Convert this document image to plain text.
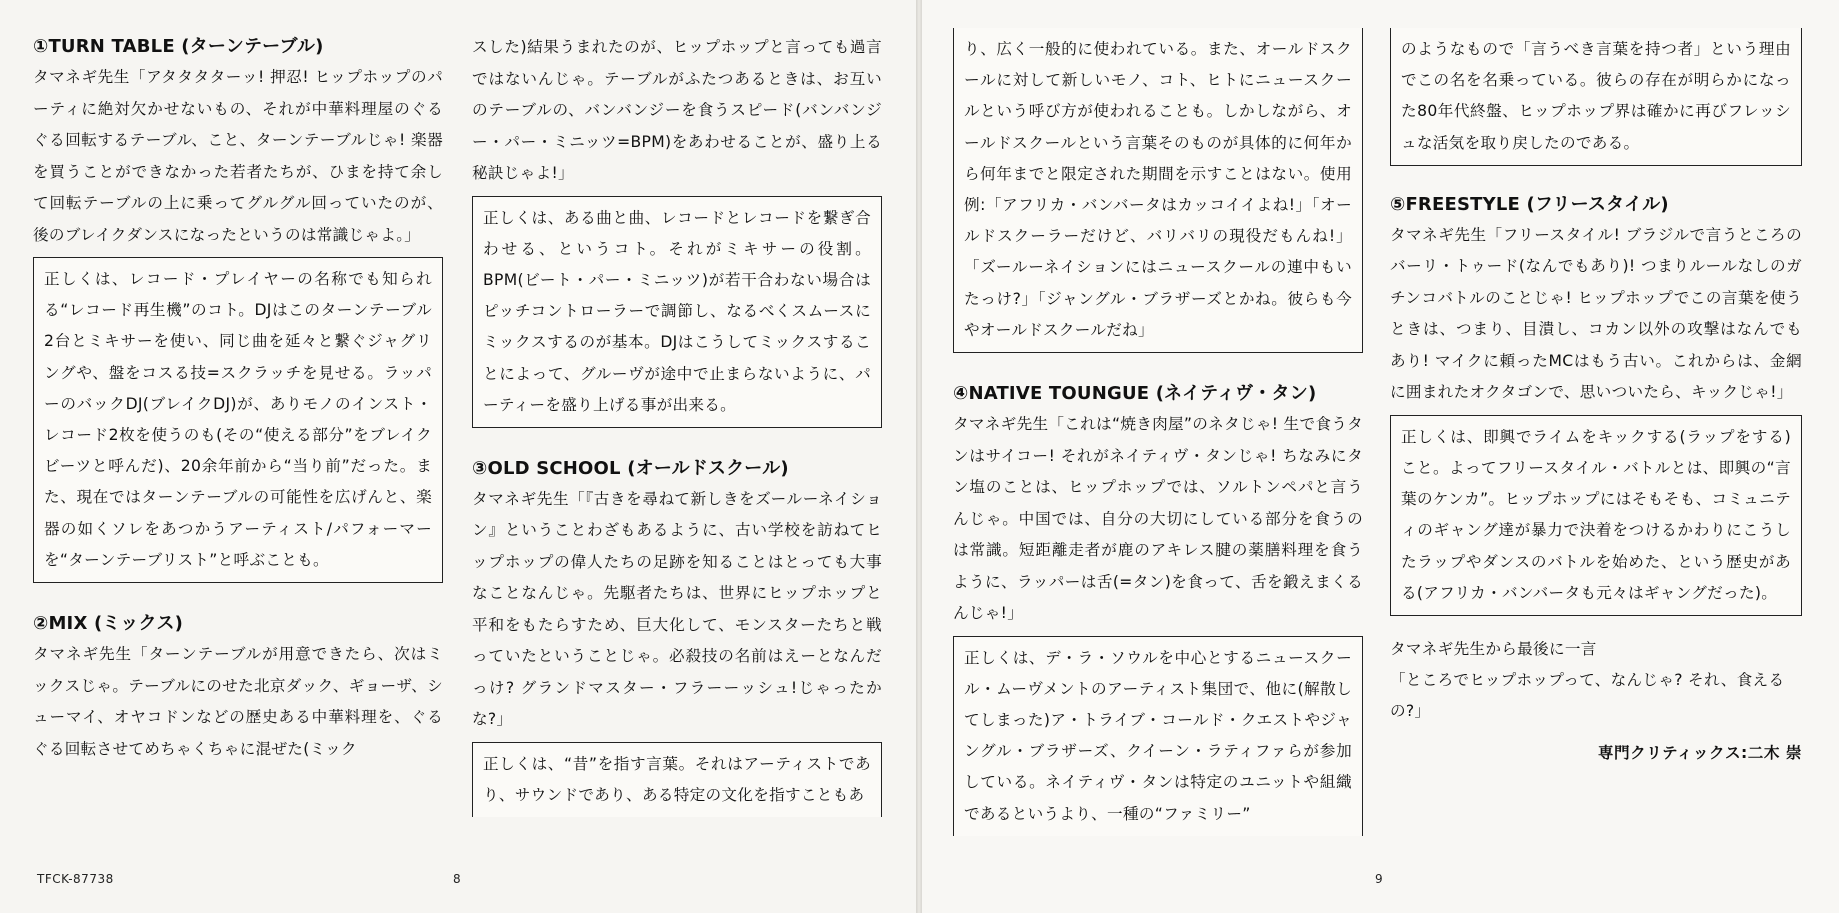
①TURN TABLE (ターンテーブル)

タマネギ先生「アタタタターッ! 押忍! ヒップホップのパーティに絶対欠かせないもの、それが中華料理屋のぐるぐる回転するテーブル、こと、ターンテーブルじゃ! 楽器を買うことができなかった若者たちが、ひまを持て余して回転テーブルの上に乗ってグルグル回っていたのが、後のブレイクダンスになったというのは常識じゃよ。」

正しくは、レコード・プレイヤーの名称でも知られる“レコード再生機”のコト。DJはこのターンテーブル2台とミキサーを使い、同じ曲を延々と繋ぐジャグリングや、盤をコスる技=スクラッチを見せる。ラッパーのバックDJ(ブレイクDJ)が、ありモノのインスト・レコード2枚を使うのも(その“使える部分”をブレイクビーツと呼んだ)、20余年前から“当り前”だった。また、現在ではターンテーブルの可能性を広げんと、楽器の如くソレをあつかうアーティスト/パフォーマーを“ターンテーブリスト”と呼ぶことも。

②MIX (ミックス)

タマネギ先生「ターンテーブルが用意できたら、次はミックスじゃ。テーブルにのせた北京ダック、ギョーザ、シューマイ、オヤコドンなどの歴史ある中華料理を、ぐるぐる回転させてめちゃくちゃに混ぜた(ミック

スした)結果うまれたのが、ヒップホップと言っても過言ではないんじゃ。テーブルがふたつあるときは、お互いのテーブルの、バンバンジーを食うスピード(バンバンジー・パー・ミニッツ=BPM)をあわせることが、盛り上る秘訣じゃよ!」

正しくは、ある曲と曲、レコードとレコードを繋ぎ合わせる、というコト。それがミキサーの役割。BPM(ビート・パー・ミニッツ)が若干合わない場合はピッチコントローラーで調節し、なるべくスムースにミックスするのが基本。DJはこうしてミックスすることによって、グルーヴが途中で止まらないように、パーティーを盛り上げる事が出来る。

③OLD SCHOOL (オールドスクール)

タマネギ先生「『古きを尋ねて新しきをズールーネイション』ということわざもあるように、古い学校を訪ねてヒップホップの偉人たちの足跡を知ることはとっても大事なことなんじゃ。先駆者たちは、世界にヒップホップと平和をもたらすため、巨大化して、モンスターたちと戦っていたということじゃ。必殺技の名前はえーとなんだっけ? グランドマスター・フラーーッシュ!じゃったかな?」

正しくは、“昔”を指す言葉。それはアーティストであり、サウンドであり、ある特定の文化を指すこともあ

TFCK-87738	8

り、広く一般的に使われている。また、オールドスクールに対して新しいモノ、コト、ヒトにニュースクールという呼び方が使われることも。しかしながら、オールドスクールという言葉そのものが具体的に何年から何年までと限定された期間を示すことはない。使用例:「アフリカ・バンバータはカッコイイよね!」「オールドスクーラーだけど、バリバリの現役だもんね!」「ズールーネイションにはニュースクールの連中もいたっけ?」「ジャングル・ブラザーズとかね。彼らも今やオールドスクールだね」

④NATIVE TOUNGUE (ネイティヴ・タン)

タマネギ先生「これは“焼き肉屋”のネタじゃ! 生で食うタンはサイコー! それがネイティヴ・タンじゃ! ちなみにタン塩のことは、ヒップホップでは、ソルトンペパと言うんじゃ。中国では、自分の大切にしている部分を食うのは常識。短距離走者が鹿のアキレス腱の薬膳料理を食うように、ラッパーは舌(=タン)を食って、舌を鍛えまくるんじゃ!」

正しくは、デ・ラ・ソウルを中心とするニュースクール・ムーヴメントのアーティスト集団で、他に(解散してしまった)ア・トライブ・コールド・クエストやジャングル・ブラザーズ、クイーン・ラティファらが参加している。ネイティヴ・タンは特定のユニットや組織であるというより、一種の“ファミリー”

のようなもので「言うべき言葉を持つ者」という理由でこの名を名乗っている。彼らの存在が明らかになった80年代終盤、ヒップホップ界は確かに再びフレッシュな活気を取り戻したのである。

⑤FREESTYLE (フリースタイル)

タマネギ先生「フリースタイル! ブラジルで言うところのバーリ・トゥード(なんでもあり)! つまりルールなしのガチンコバトルのことじゃ! ヒップホップでこの言葉を使うときは、つまり、目潰し、コカン以外の攻撃はなんでもあり! マイクに頼ったMCはもう古い。これからは、金網に囲まれたオクタゴンで、思いついたら、キックじゃ!」

正しくは、即興でライムをキックする(ラップをする)こと。よってフリースタイル・バトルとは、即興の“言葉のケンカ”。ヒップホップにはそもそも、コミュニティのギャング達が暴力で決着をつけるかわりにこうしたラップやダンスのバトルを始めた、という歴史がある(アフリカ・バンバータも元々はギャングだった)。

タマネギ先生から最後に一言

「ところでヒップホップって、なんじゃ? それ、食えるの?」

専門クリティックス:二木 崇

9
